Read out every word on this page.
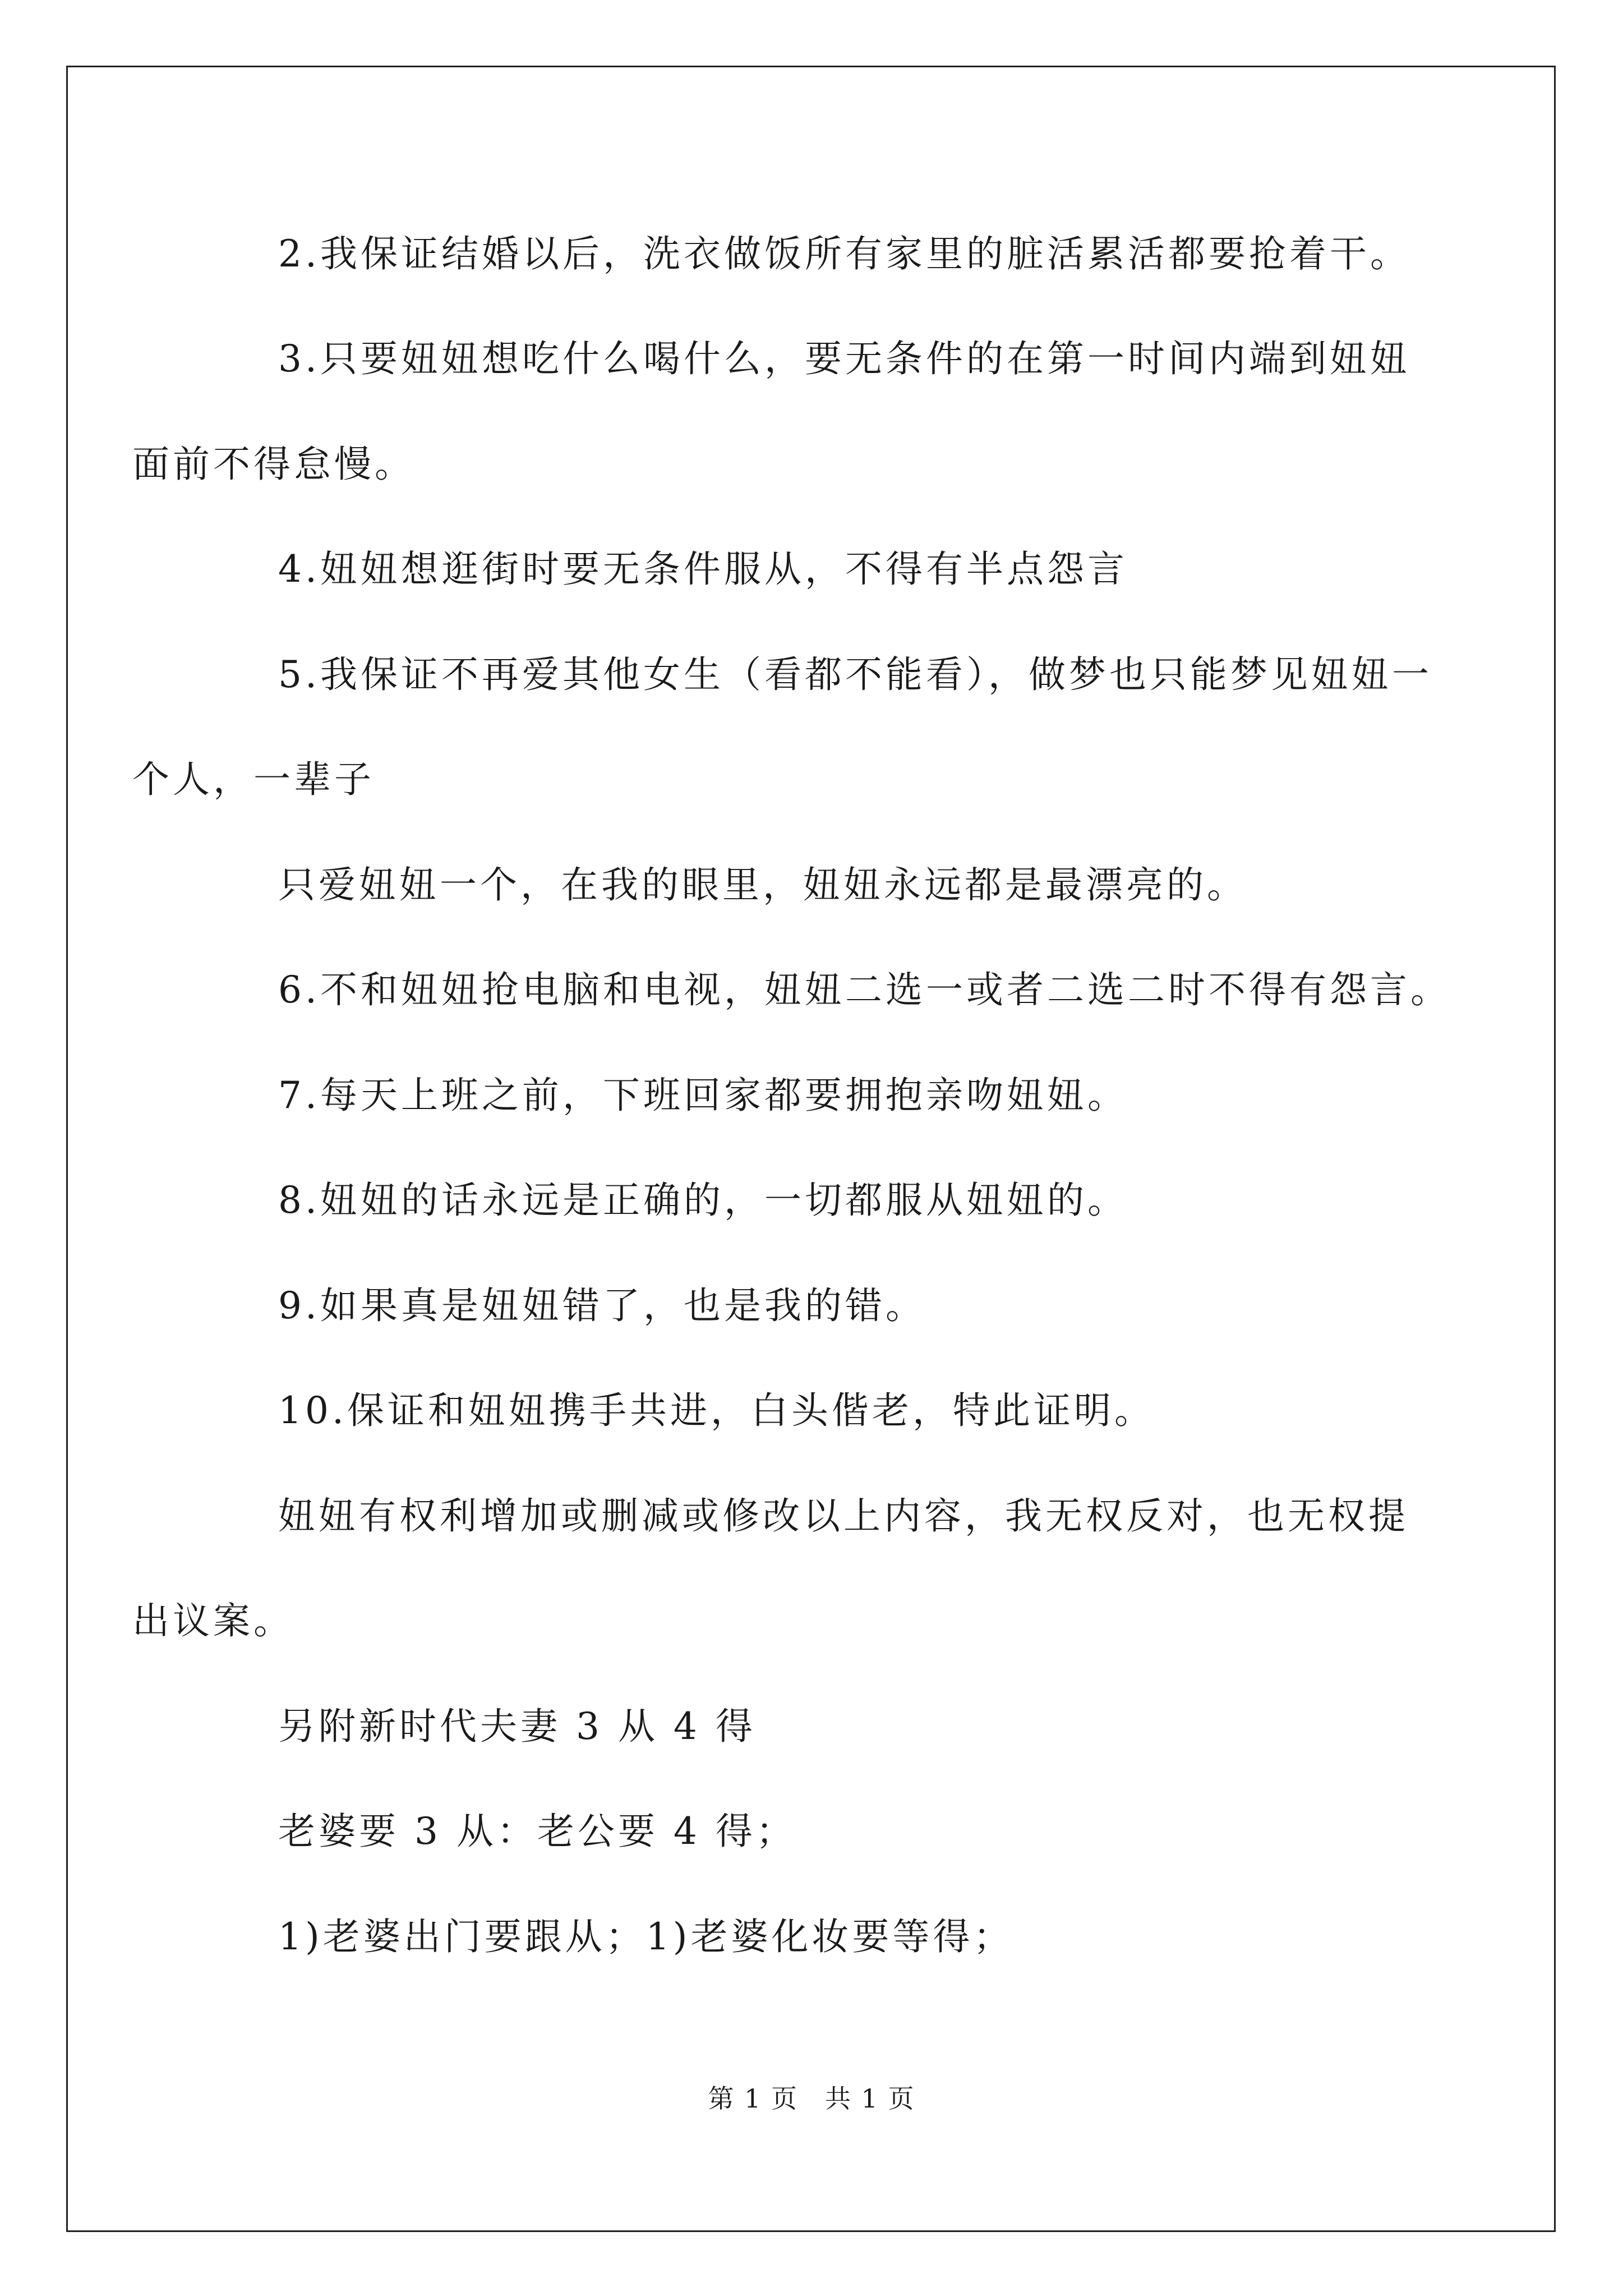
2.我保证结婚以后，洗衣做饭所有家里的脏活累活都要抢着干。
3.只要妞妞想吃什么喝什么，要无条件的在第一时间内端到妞妞
面前不得怠慢。
4.妞妞想逛街时要无条件服从，不得有半点怨言
5.我保证不再爱其他女生（看都不能看），做梦也只能梦见妞妞一
个人，一辈子
只爱妞妞一个，在我的眼里，妞妞永远都是最漂亮的。
6.不和妞妞抢电脑和电视，妞妞二选一或者二选二时不得有怨言。
7.每天上班之前，下班回家都要拥抱亲吻妞妞。
8.妞妞的话永远是正确的，一切都服从妞妞的。
9.如果真是妞妞错了，也是我的错。
10.保证和妞妞携手共进，白头偕老，特此证明。
妞妞有权利增加或删减或修改以上内容，我无权反对，也无权提
出议案。
另附新时代夫妻 3 从 4 得
老婆要 3 从：老公要 4 得；
1)老婆出门要跟从；1)老婆化妆要等得；
第 1 页　共 1 页
